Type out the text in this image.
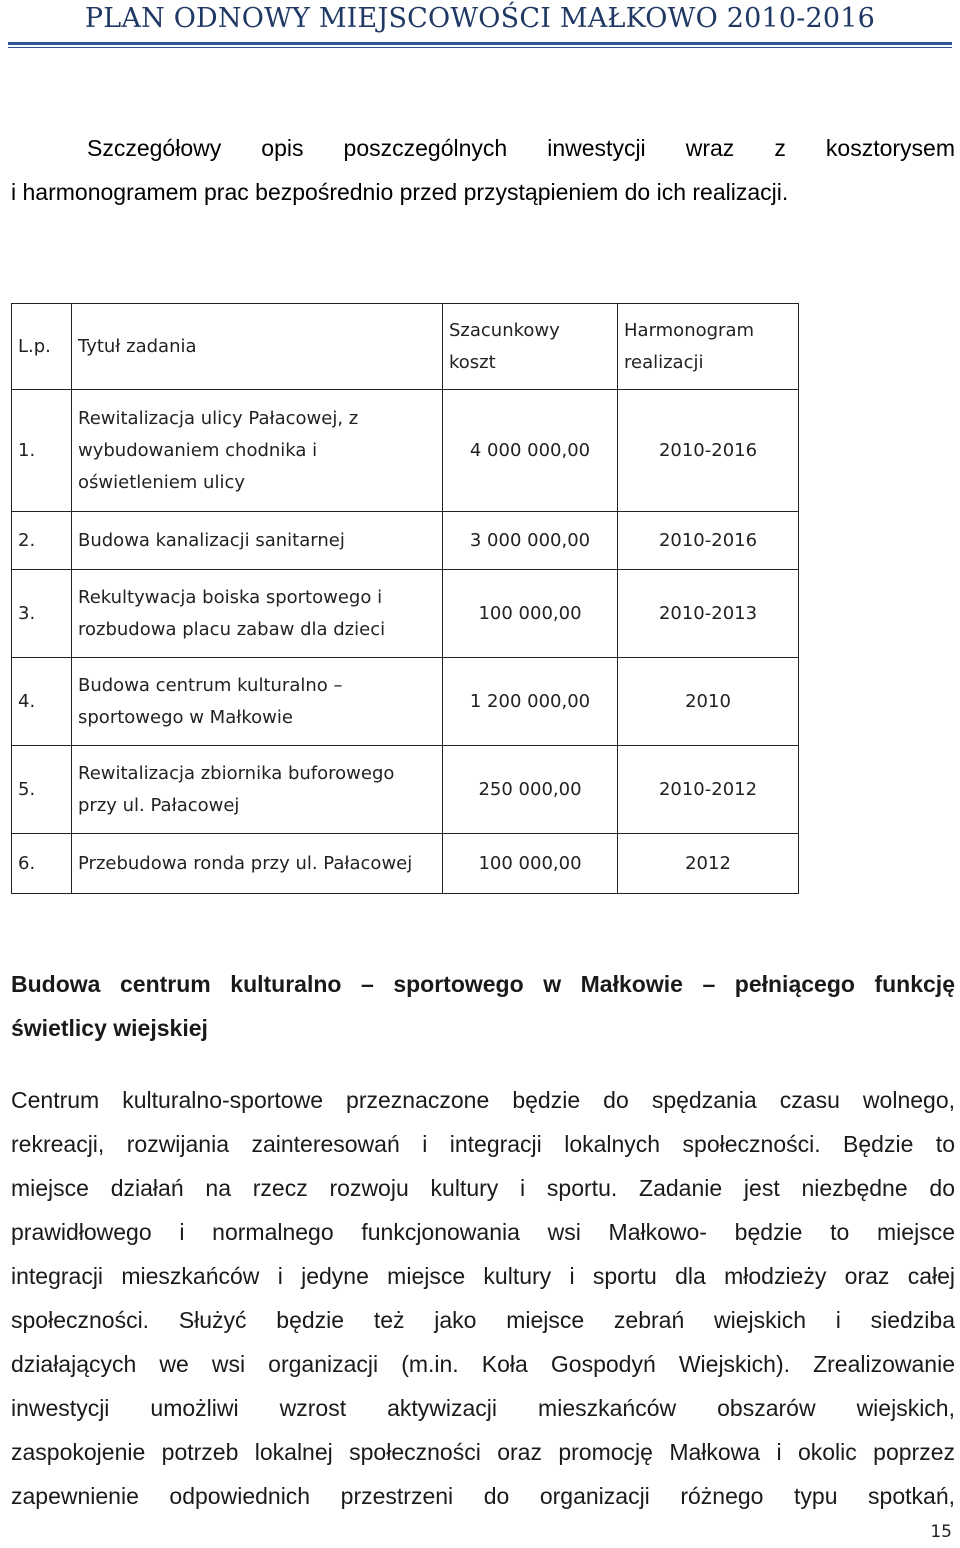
PLAN ODNOWY MIEJSCOWOŚCI MAŁKOWO 2010-2016
Szczegółowy opis poszczególnych inwestycji wraz z kosztorysem
i harmonogramem prac bezpośrednio przed przystąpieniem do ich realizacji.
L.p.	Tytuł zadania	Szacunkowy koszt	Harmonogram realizacji
1.	Rewitalizacja ulicy Pałacowej, z wybudowaniem chodnika i oświetleniem ulicy	4 000 000,00	2010-2016
2.	Budowa kanalizacji sanitarnej	3 000 000,00	2010-2016
3.	Rekultywacja boiska sportowego i rozbudowa placu zabaw dla dzieci	100 000,00	2010-2013
4.	Budowa centrum kulturalno – sportowego w Małkowie	1 200 000,00	2010
5.	Rewitalizacja zbiornika buforowego przy ul. Pałacowej	250 000,00	2010-2012
6.	Przebudowa ronda przy ul. Pałacowej	100 000,00	2012
Budowa centrum kulturalno – sportowego w Małkowie – pełniącego funkcję
świetlicy wiejskiej
Centrum kulturalno-sportowe przeznaczone będzie do spędzania czasu wolnego,
rekreacji, rozwijania zainteresowań i integracji lokalnych społeczności. Będzie to
miejsce działań na rzecz rozwoju kultury i sportu. Zadanie jest niezbędne do
prawidłowego i normalnego funkcjonowania wsi Małkowo- będzie to miejsce
integracji mieszkańców i jedyne miejsce kultury i sportu dla młodzieży oraz całej
społeczności. Służyć będzie też jako miejsce zebrań wiejskich i siedziba
działających we wsi organizacji (m.in. Koła Gospodyń Wiejskich). Zrealizowanie
inwestycji umożliwi wzrost aktywizacji mieszkańców obszarów wiejskich,
zaspokojenie potrzeb lokalnej społeczności oraz promocję Małkowa i okolic poprzez
zapewnienie odpowiednich przestrzeni do organizacji różnego typu spotkań,
15
